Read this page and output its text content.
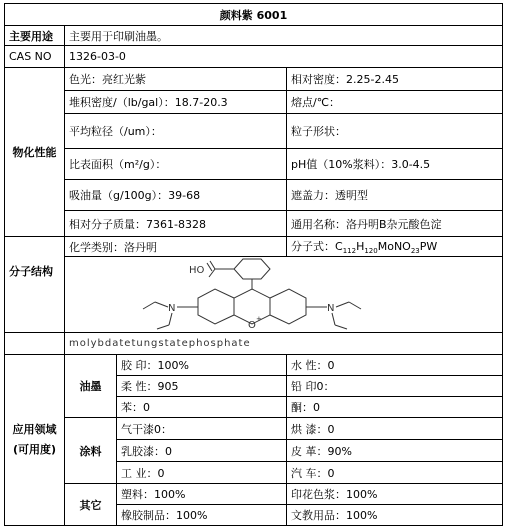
颜料紫 6001			
主要用途	主要用于印刷油墨。		
CAS NO	1326-03-0		
物化性能	色光：亮红光紫		相对密度：2.25-2.45
	堆积密度/（lb/gal）：18.7-20.3		熔点/℃：
	平均粒径（/um）：		粒子形状：
	比表面积（m²/g）：		pH值（10%浆料）：3.0-4.5
	吸油量（g/100g）：39-68		遮盖力：透明型
	相对分子质量：7361-8328		通用名称：洛丹明B杂元酸色淀
分子结构	化学类别：洛丹明		分子式：$C_{112}H_{120}MoNO_{23}PW$

HO
O
+
N N		

	molybdatetungstatephosphate		
应用领域
(可用度)	油墨	胶 印：100%	水 性：0
		柔 性：905	铅 印0：
		苯：0	酮：0
	涂料	气干漆0：	烘 漆：0
		乳胶漆：0	皮 革：90%
		工 业：0	汽 车：0
	其它	塑料：100%	印花色浆：100%
		橡胶制品：100%	文教用品：100%
